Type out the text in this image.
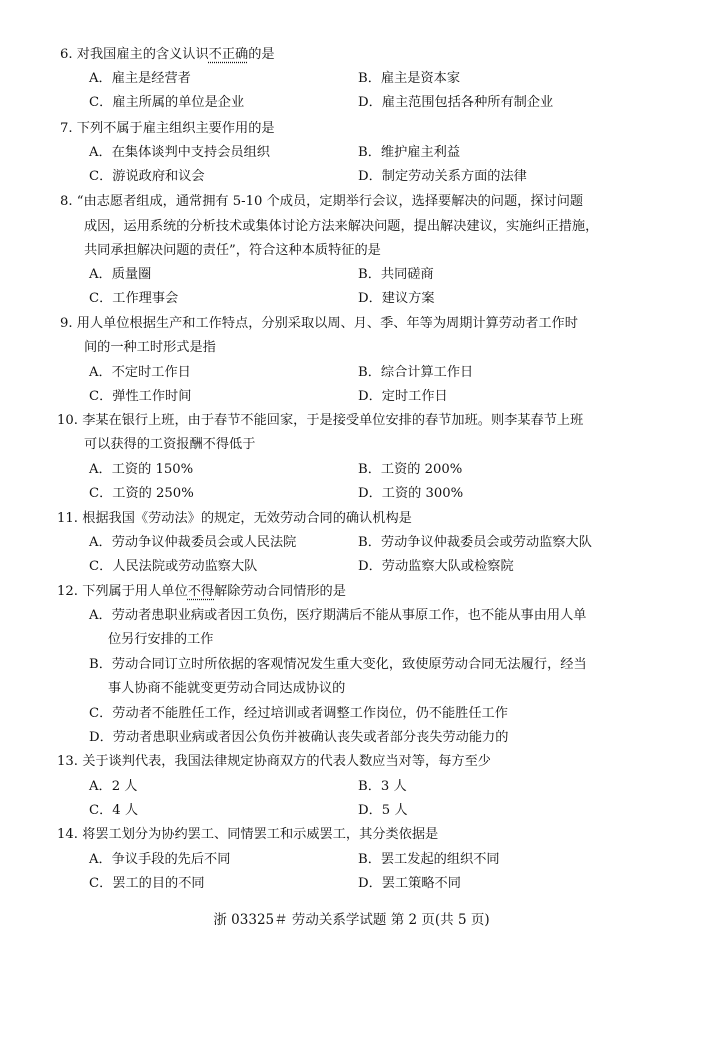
6. 对我国雇主的含义认识不正确的是
A．雇主是经营者	B．雇主是资本家
C．雇主所属的单位是企业	D．雇主范围包括各种所有制企业
7. 下列不属于雇主组织主要作用的是
A．在集体谈判中支持会员组织	B．维护雇主利益
C．游说政府和议会	D．制定劳动关系方面的法律
8. “由志愿者组成，通常拥有 5-10 个成员，定期举行会议，选择要解决的问题，探讨问题
成因，运用系统的分析技术或集体讨论方法来解决问题，提出解决建议，实施纠正措施，
共同承担解决问题的责任”，符合这种本质特征的是
A．质量圈	B．共同磋商
C．工作理事会	D．建议方案
9. 用人单位根据生产和工作特点，分别采取以周、月、季、年等为周期计算劳动者工作时
间的一种工时形式是指
A．不定时工作日	B．综合计算工作日
C．弹性工作时间	D．定时工作日
10. 李某在银行上班，由于春节不能回家，于是接受单位安排的春节加班。则李某春节上班
可以获得的工资报酬不得低于
A．工资的 150%	B．工资的 200%
C．工资的 250%	D．工资的 300%
11. 根据我国《劳动法》的规定，无效劳动合同的确认机构是
A．劳动争议仲裁委员会或人民法院	B．劳动争议仲裁委员会或劳动监察大队
C．人民法院或劳动监察大队	D．劳动监察大队或检察院
12. 下列属于用人单位不得解除劳动合同情形的是
A．劳动者患职业病或者因工负伤，医疗期满后不能从事原工作，也不能从事由用人单
位另行安排的工作
B．劳动合同订立时所依据的客观情况发生重大变化，致使原劳动合同无法履行，经当
事人协商不能就变更劳动合同达成协议的
C．劳动者不能胜任工作，经过培训或者调整工作岗位，仍不能胜任工作
D．劳动者患职业病或者因公负伤并被确认丧失或者部分丧失劳动能力的
13. 关于谈判代表，我国法律规定协商双方的代表人数应当对等，每方至少
A．2 人	B．3 人
C．4 人	D．5 人
14. 将罢工划分为协约罢工、同情罢工和示威罢工，其分类依据是
A．争议手段的先后不同	B．罢工发起的组织不同
C．罢工的目的不同	D．罢工策略不同
浙 03325＃ 劳动关系学试题 第 2 页(共 5 页)
